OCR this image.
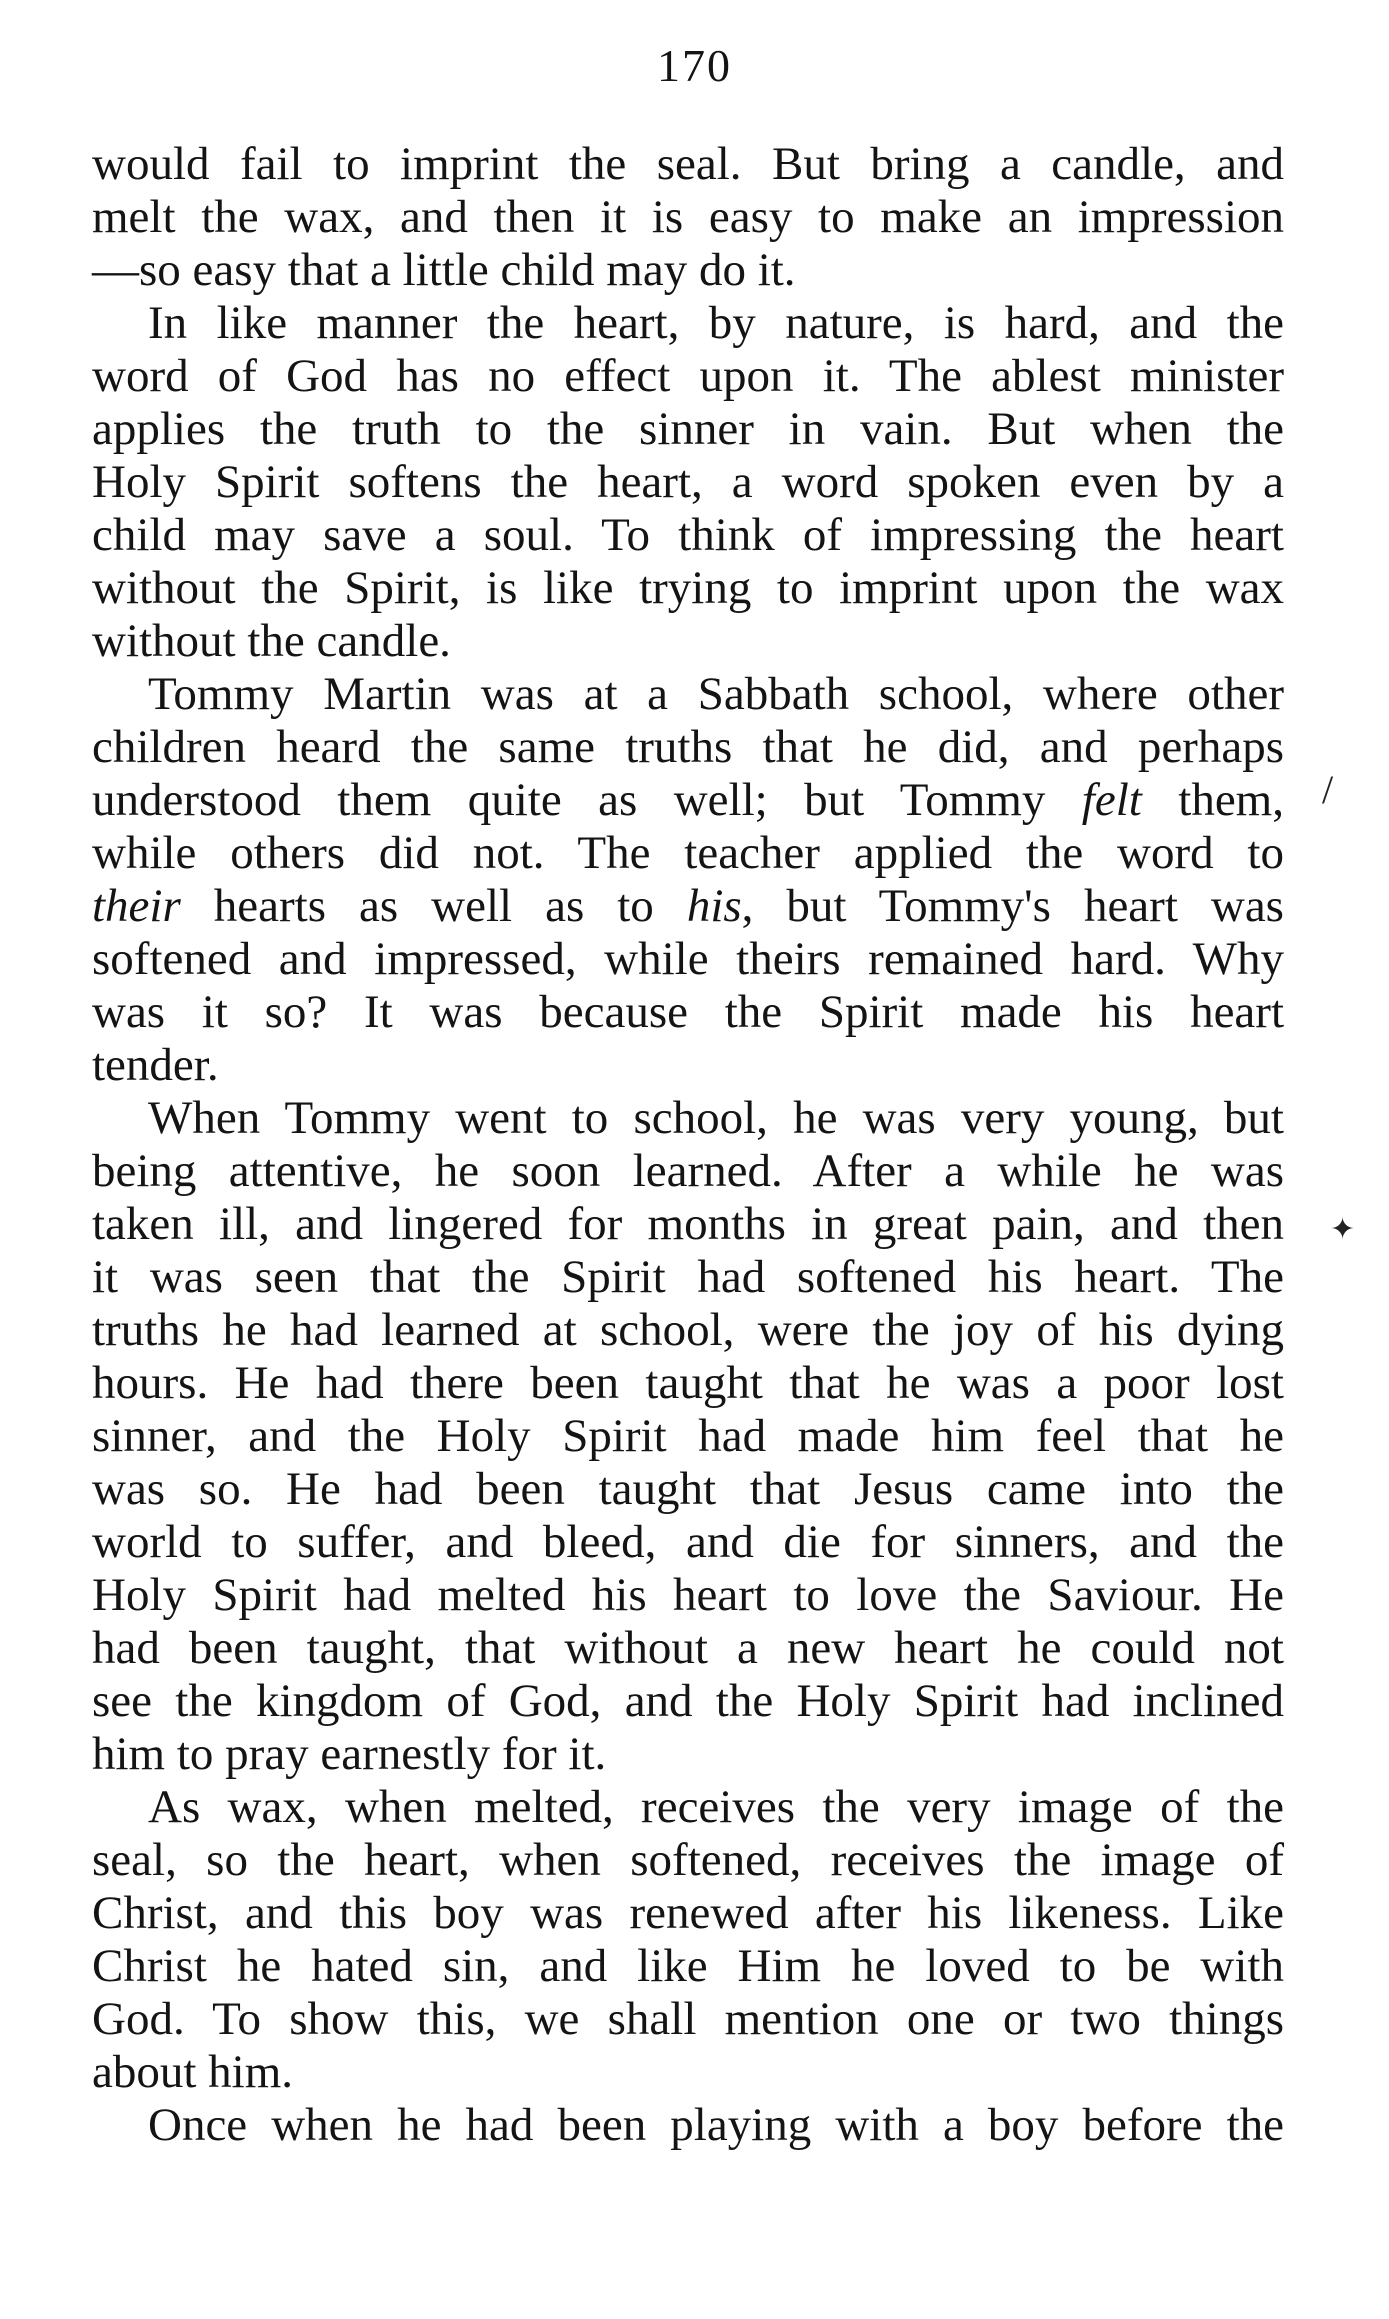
170
would fail to imprint the seal. But bring a candle, and
melt the wax, and then it is easy to make an impression
—so easy that a little child may do it.
In like manner the heart, by nature, is hard, and the
word of God has no effect upon it. The ablest minister
applies the truth to the sinner in vain. But when the
Holy Spirit softens the heart, a word spoken even by a
child may save a soul. To think of impressing the heart
without the Spirit, is like trying to imprint upon the wax
without the candle.
Tommy Martin was at a Sabbath school, where other
children heard the same truths that he did, and perhaps
understood them quite as well; but Tommy felt them,
while others did not. The teacher applied the word to
their hearts as well as to his, but Tommy's heart was
softened and impressed, while theirs remained hard. Why
was it so? It was because the Spirit made his heart
tender.
When Tommy went to school, he was very young, but
being attentive, he soon learned. After a while he was
taken ill, and lingered for months in great pain, and then
it was seen that the Spirit had softened his heart. The
truths he had learned at school, were the joy of his dying
hours. He had there been taught that he was a poor lost
sinner, and the Holy Spirit had made him feel that he
was so. He had been taught that Jesus came into the
world to suffer, and bleed, and die for sinners, and the
Holy Spirit had melted his heart to love the Saviour. He
had been taught, that without a new heart he could not
see the kingdom of God, and the Holy Spirit had inclined
him to pray earnestly for it.
As wax, when melted, receives the very image of the
seal, so the heart, when softened, receives the image of
Christ, and this boy was renewed after his likeness. Like
Christ he hated sin, and like Him he loved to be with
God. To show this, we shall mention one or two things
about him.
Once when he had been playing with a boy before the
/
✦
